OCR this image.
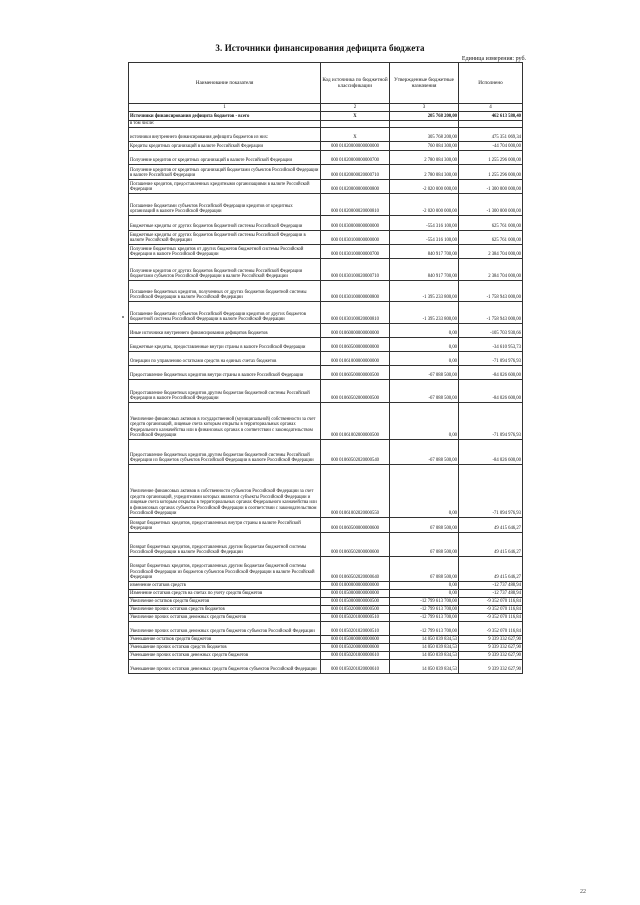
3. Источники финансирования дефицита бюджета
Единица измерения: руб.
Наименование показателя	Код источника по бюджетной классификации	Утвержденные бюджетные назначения	Исполнено
1	2	3	4
Источники финансирования дефицита бюджетов - всего	X	205 768 200,00	462 613 580,40
в том числе:			
источники внутреннего финансирования дефицита бюджетов из них:	X	305 768 200,00	475 351 069,34
Кредиты кредитных организаций в валюте Российской Федерации	000 01020000000000000	760 084 300,00	-44 704 000,00
Получение кредитов от кредитных организаций в валюте Российской Федерации	000 01020000000000700	2 780 084 300,00	1 255 296 000,00
Получение кредитов от кредитных организаций бюджетами субъектов Российской Федерации в валюте Российской Федерации	000 01020000020000710	2 780 084 300,00	1 255 296 000,00
Погашение кредитов, предоставленных кредитными организациями в валюте Российской Федерации	000 01020000000000800	-2 020 000 000,00	-1 300 000 000,00
Погашение бюджетами субъектов Российской Федерации кредитов от кредитных организаций в валюте Российской Федерации	000 01020000020000810	-2 020 000 000,00	-1 300 000 000,00
Бюджетные кредиты от других бюджетов бюджетной системы Российской Федерации	000 01030000000000000	-554 316 100,00	625 761 000,00
Бюджетные кредиты от других бюджетов бюджетной системы Российской Федерации в валюте Российской Федерации	000 01030100000000000	-554 316 100,00	625 761 000,00
Получение бюджетных кредитов от других бюджетов бюджетной системы Российской Федерации в валюте Российской Федерации	000 01030100000000700	840 917 700,00	2 384 704 000,00
Получение кредитов от других бюджетов бюджетной системы Российской Федерации бюджетами субъектов Российской Федерации в валюте Российской Федерации	000 01030100020000710	840 917 700,00	2 384 704 000,00
Погашение бюджетных кредитов, полученных от других бюджетов бюджетной системы Российской Федерации в валюте Российской Федерации	000 01030100000000800	-1 395 233 800,00	-1 758 943 000,00
Погашение бюджетами субъектов Российской Федерации кредитов от других бюджетов бюджетной системы Российской Федерации в валюте Российской Федерации	000 01030100020000810	-1 395 233 800,00	-1 758 943 000,00
Иные источники внутреннего финансирования дефицитов бюджетов	000 01060000000000000	0,00	-105 703 930,66
Бюджетные кредиты, предоставленные внутри страны в валюте Российской Федерации	000 01060500000000000	0,00	-34 610 953,73
Операции по управлению остатками средств на единых счетах бюджетов	000 01061000000000000	0,00	-71 094 976,93
Предоставление бюджетных кредитов внутри страны в валюте Российской Федерации	000 01060500000000500	-67 088 500,00	-84 026 600,00
Предоставление бюджетных кредитов другим бюджетам бюджетной системы Российской Федерации в валюте Российской Федерации	000 01060502000000500	-67 088 500,00	-84 026 600,00
Увеличение финансовых активов в государственной (муниципальной) собственности за счет средств организаций, лицевые счета которым открыты в территориальных органах Федерального казначейства или в финансовых органах в соответствии с законодательством Российской Федерации	000 01061002000000500	0,00	-71 094 976,93
Предоставление бюджетных кредитов другим бюджетам бюджетной системы Российской Федерации из бюджетов субъектов Российской Федерации в валюте Российской Федерации	000 01060502020000540	-67 088 500,00	-84 026 600,00
Увеличение финансовых активов в собственности субъектов Российской Федерации за счет средств организаций, учредителями которых являются субъекты Российской Федерации и лицевые счета которым открыты в территориальных органах Федерального казначейства или в финансовых органах субъектов Российской Федерации в соответствии с законодательством Российской Федерации	000 01061002020000550	0,00	-71 094 976,93
Возврат бюджетных кредитов, предоставленных внутри страны в валюте Российской Федерации	000 01060500000000600	67 088 500,00	49 415 646,27
Возврат бюджетных кредитов, предоставленных другим бюджетам бюджетной системы Российской Федерации в валюте Российской Федерации	000 01060502000000600	67 088 500,00	49 415 646,27
Возврат бюджетных кредитов, предоставленных другим бюджетам бюджетной системы Российской Федерации из бюджетов субъектов Российской Федерации в валюте Российской Федерации	000 01060502020000640	67 088 500,00	49 415 646,27
изменение остатков средств	000 01000000000000000	0,00	-12 737 488,94
Изменение остатков средств на счетах по учету средств бюджетов	000 01050000000000000	0,00	-12 737 488,94
Увеличение остатков средств бюджетов	000 01050000000000500	-12 799 613 700,00	-9 352 070 116,84
Увеличение прочих остатков средств бюджетов	000 01050200000000500	-12 799 613 700,00	-9 352 070 116,84
Увеличение прочих остатков денежных средств бюджетов	000 01050201000000510	-12 799 613 700,00	-9 352 070 116,84
Увеличение прочих остатков денежных средств бюджетов субъектов Российской Федерации	000 01050201020000510	-12 799 613 700,00	-9 352 070 116,84
Уменьшение остатков средств бюджетов	000 01050000000000600	14 050 039 834,53	9 339 332 627,90
Уменьшение прочих остатков средств бюджетов	000 01050200000000600	14 050 039 834,53	9 339 332 627,90
Уменьшение прочих остатков денежных средств бюджетов	000 01050201000000610	14 050 039 834,53	9 339 332 627,90
Уменьшение прочих остатков денежных средств бюджетов субъектов Российской Федерации	000 01050201020000610	14 050 039 834,53	9 339 332 627,90
22
